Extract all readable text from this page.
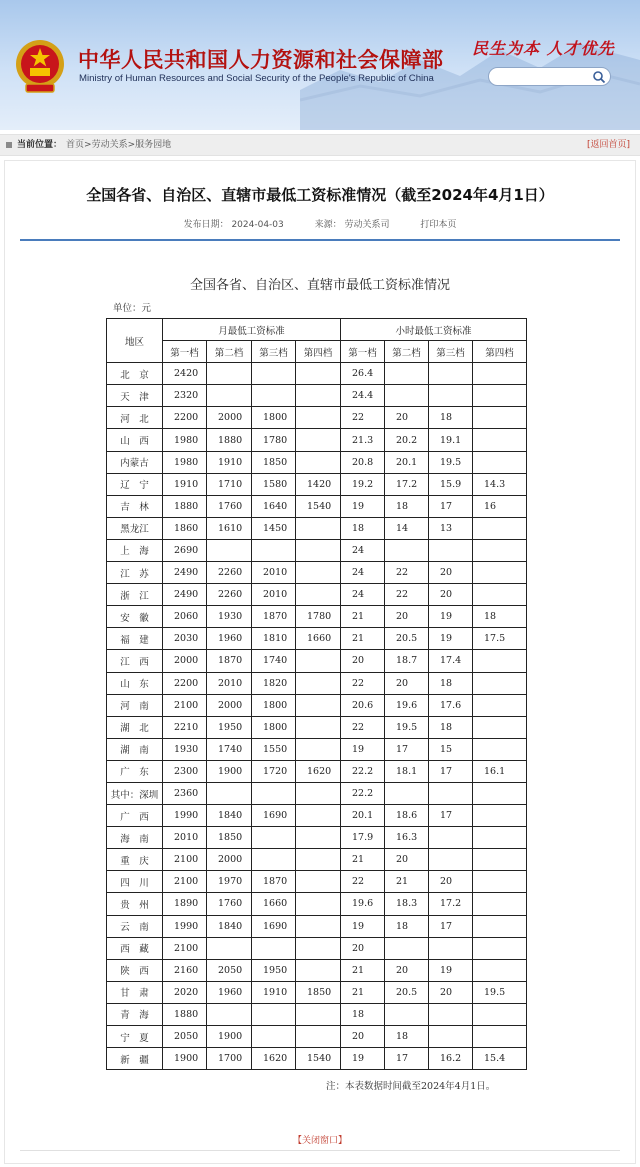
中华人民共和国人力资源和社会保障部
Ministry of Human Resources and Social Security of the People's Republic of China
民生为本 人才优先
当前位置： 首页>劳动关系>服务园地	[返回首页]
全国各省、自治区、直辖市最低工资标准情况（截至2024年4月1日）
发布日期： 2024-04-03	来源： 劳动关系司	打印本页
全国各省、自治区、直辖市最低工资标准情况
单位：元
地区	月最低工资标准				小时最低工资标准			
	第一档	第二档	第三档	第四档	第一档	第二档	第三档	第四档
北　京	2420				26.4			
天　津	2320				24.4			
河　北	2200	2000	1800		22	20	18	
山　西	1980	1880	1780		21.3	20.2	19.1	
内蒙古	1980	1910	1850		20.8	20.1	19.5	
辽　宁	1910	1710	1580	1420	19.2	17.2	15.9	14.3
吉　林	1880	1760	1640	1540	19	18	17	16
黑龙江	1860	1610	1450		18	14	13	
上　海	2690				24			
江　苏	2490	2260	2010		24	22	20	
浙　江	2490	2260	2010		24	22	20	
安　徽	2060	1930	1870	1780	21	20	19	18
福　建	2030	1960	1810	1660	21	20.5	19	17.5
江　西	2000	1870	1740		20	18.7	17.4	
山　东	2200	2010	1820		22	20	18	
河　南	2100	2000	1800		20.6	19.6	17.6	
湖　北	2210	1950	1800		22	19.5	18	
湖　南	1930	1740	1550		19	17	15	
广　东	2300	1900	1720	1620	22.2	18.1	17	16.1
其中：深圳	2360				22.2			
广　西	1990	1840	1690		20.1	18.6	17	
海　南	2010	1850			17.9	16.3		
重　庆	2100	2000			21	20		
四　川	2100	1970	1870		22	21	20	
贵　州	1890	1760	1660		19.6	18.3	17.2	
云　南	1990	1840	1690		19	18	17	
西　藏	2100				20			
陕　西	2160	2050	1950		21	20	19	
甘　肃	2020	1960	1910	1850	21	20.5	20	19.5
青　海	1880				18			
宁　夏	2050	1900			20	18		
新　疆	1900	1700	1620	1540	19	17	16.2	15.4
注：本表数据时间截至2024年4月1日。
【关闭窗口】
